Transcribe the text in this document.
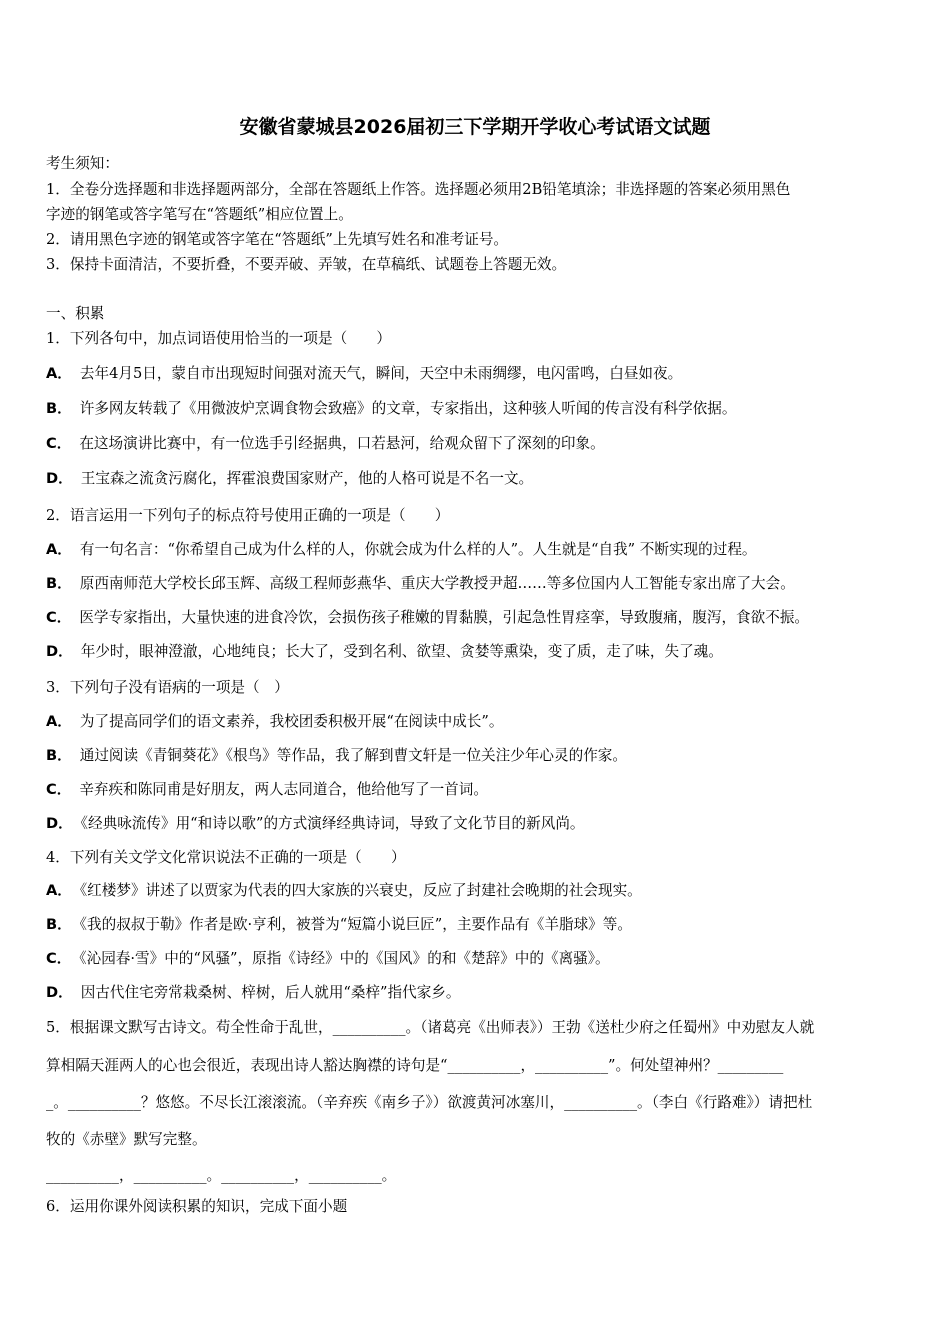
安徽省蒙城县2026届初三下学期开学收心考试语文试题
考生须知：
1．全卷分选择题和非选择题两部分，全部在答题纸上作答。选择题必须用2B铅笔填涂；非选择题的答案必须用黑色
字迹的钢笔或答字笔写在“答题纸”相应位置上。
2．请用黑色字迹的钢笔或答字笔在“答题纸”上先填写姓名和准考证号。
3．保持卡面清洁，不要折叠，不要弄破、弄皱，在草稿纸、试题卷上答题无效。
一、积累
1．下列各句中，加点词语使用恰当的一项是（　　）
A． 去年4月5日，蒙自市出现短时间强对流天气，瞬间，天空中未雨绸缪，电闪雷鸣，白昼如夜。
B． 许多网友转载了《用微波炉烹调食物会致癌》的文章，专家指出，这种骇人听闻的传言没有科学依据。
C． 在这场演讲比赛中，有一位选手引经据典，口若悬河，给观众留下了深刻的印象。
D． 王宝森之流贪污腐化，挥霍浪费国家财产，他的人格可说是不名一文。
2．语言运用一下列句子的标点符号使用正确的一项是（　　）
A． 有一句名言：“你希望自己成为什么样的人，你就会成为什么样的人”。人生就是“自我” 不断实现的过程。
B． 原西南师范大学校长邱玉辉、高级工程师彭燕华、重庆大学教授尹超……等多位国内人工智能专家出席了大会。
C． 医学专家指出，大量快速的进食冷饮，会损伤孩子稚嫩的胃黏膜，引起急性胃痉挛，导致腹痛，腹泻，食欲不振。
D． 年少时，眼神澄澈，心地纯良；长大了，受到名利、欲望、贪婪等熏染，变了质，走了味，失了魂。
3．下列句子没有语病的一项是（　）
A． 为了提高同学们的语文素养，我校团委积极开展“在阅读中成长”。
B． 通过阅读《青铜葵花》《根鸟》等作品，我了解到曹文轩是一位关注少年心灵的作家。
C． 辛弃疾和陈同甫是好朋友，两人志同道合，他给他写了一首词。
D． 《经典咏流传》用“和诗以歌”的方式演绎经典诗词，导致了文化节目的新风尚。
4．下列有关文学文化常识说法不正确的一项是（　　）
A． 《红楼梦》讲述了以贾家为代表的四大家族的兴衰史，反应了封建社会晚期的社会现实。
B． 《我的叔叔于勒》作者是欧·亨利，被誉为“短篇小说巨匠”，主要作品有《羊脂球》等。
C． 《沁园春·雪》中的“风骚”，原指《诗经》中的《国风》的和《楚辞》中的《离骚》。
D． 因古代住宅旁常栽桑树、梓树，后人就用“桑梓”指代家乡。
5．根据课文默写古诗文。苟全性命于乱世，__________。（诸葛亮《出师表》）王勃《送杜少府之任蜀州》中劝慰友人就
算相隔天涯两人的心也会很近，表现出诗人豁达胸襟的诗句是“__________，__________”。何处望神州？_________
_。__________？悠悠。不尽长江滚滚流。（辛弃疾《南乡子》）欲渡黄河冰塞川，__________。（李白《行路难》）请把杜
牧的《赤壁》默写完整。
__________，__________。__________，__________。
6．运用你课外阅读积累的知识，完成下面小题
